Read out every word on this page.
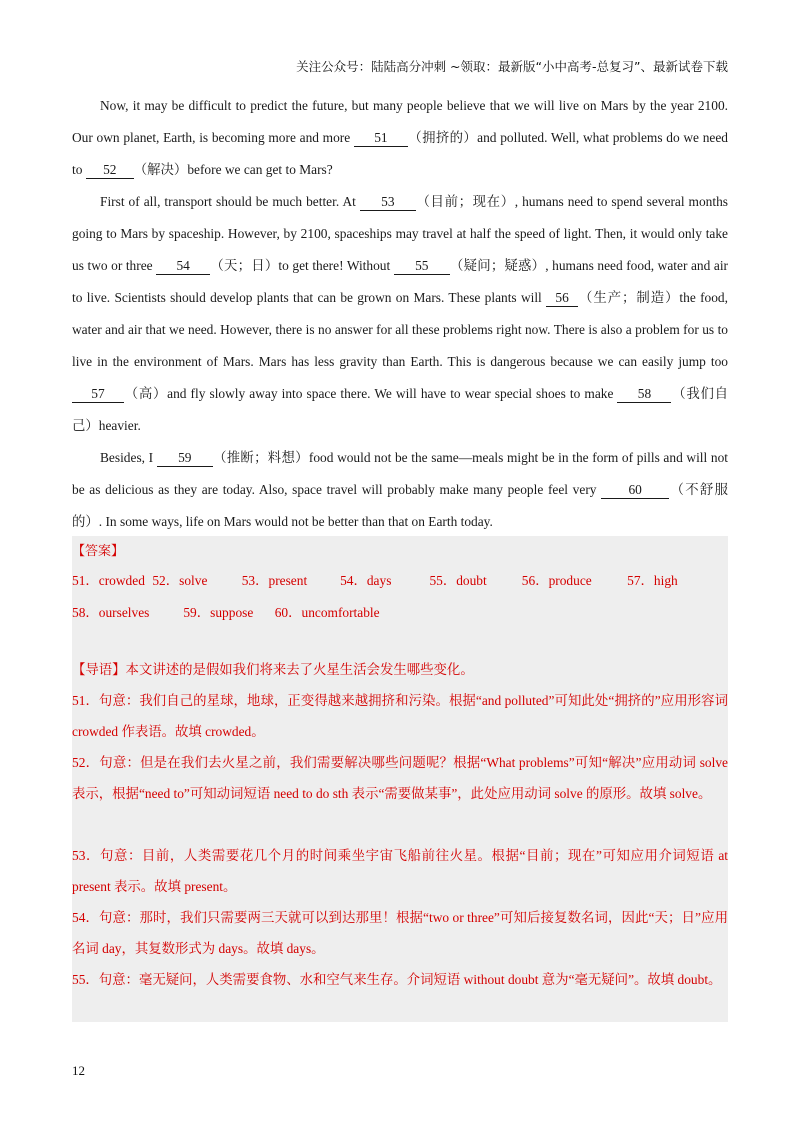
关注公众号：陆陆高分冲刺 ~领取：最新版“小中高考-总复习”、最新试卷下载

Now, it may be difficult to predict the future, but many people believe that we will live on Mars by the year 2100. Our own planet, Earth, is becoming more and more 51 （拥挤的）and polluted. Well, what problems do we need to 52 （解决）before we can get to Mars?

First of all, transport should be much better. At 53 （目前；现在）, humans need to spend several months going to Mars by spaceship. However, by 2100, spaceships may travel at half the speed of light. Then, it would only take us two or three 54 （天；日）to get there! Without 55 （疑问；疑惑）, humans need food, water and air to live. Scientists should develop plants that can be grown on Mars. These plants will 56 （生产；制造）the food, water and air that we need. However, there is no answer for all these problems right now. There is also a problem for us to live in the environment of Mars. Mars has less gravity than Earth. This is dangerous because we can easily jump too 57 （高）and fly slowly away into space there. We will have to wear special shoes to make 58 （我们自己）heavier.

Besides, I 59 （推断；料想）food would not be the same—meals might be in the form of pills and will not be as delicious as they are today. Also, space travel will probably make many people feel very 60 （不舒服的）. In some ways, life on Mars would not be better than that on Earth today.

【答案】
51．crowded 52．solve	53．present 54．days	55．doubt	56．produce	57．high
58．ourselves	59．suppose 60．uncomfortable
【导语】本文讲述的是假如我们将来去了火星生活会发生哪些变化。
51．句意：我们自己的星球，地球，正变得越来越拥挤和污染。根据“and polluted”可知此处“拥挤的”应用形容词 crowded 作表语。故填 crowded。
52．句意：但是在我们去火星之前，我们需要解决哪些问题呢？根据“What problems”可知“解决”应用动词 solve 表示，根据“need to”可知动词短语 need to do sth 表示“需要做某事”，此处应用动词 solve 的原形。故填 solve。
53．句意：目前，人类需要花几个月的时间乘坐宇宙飞船前往火星。根据“目前；现在”可知应用介词短语 at present 表示。故填 present。
54．句意：那时，我们只需要两三天就可以到达那里！根据“two or three”可知后接复数名词，因此“天；日”应用名词 day，其复数形式为 days。故填 days。
55．句意：毫无疑问，人类需要食物、水和空气来生存。介词短语 without doubt 意为“毫无疑问”。故填 doubt。
12
